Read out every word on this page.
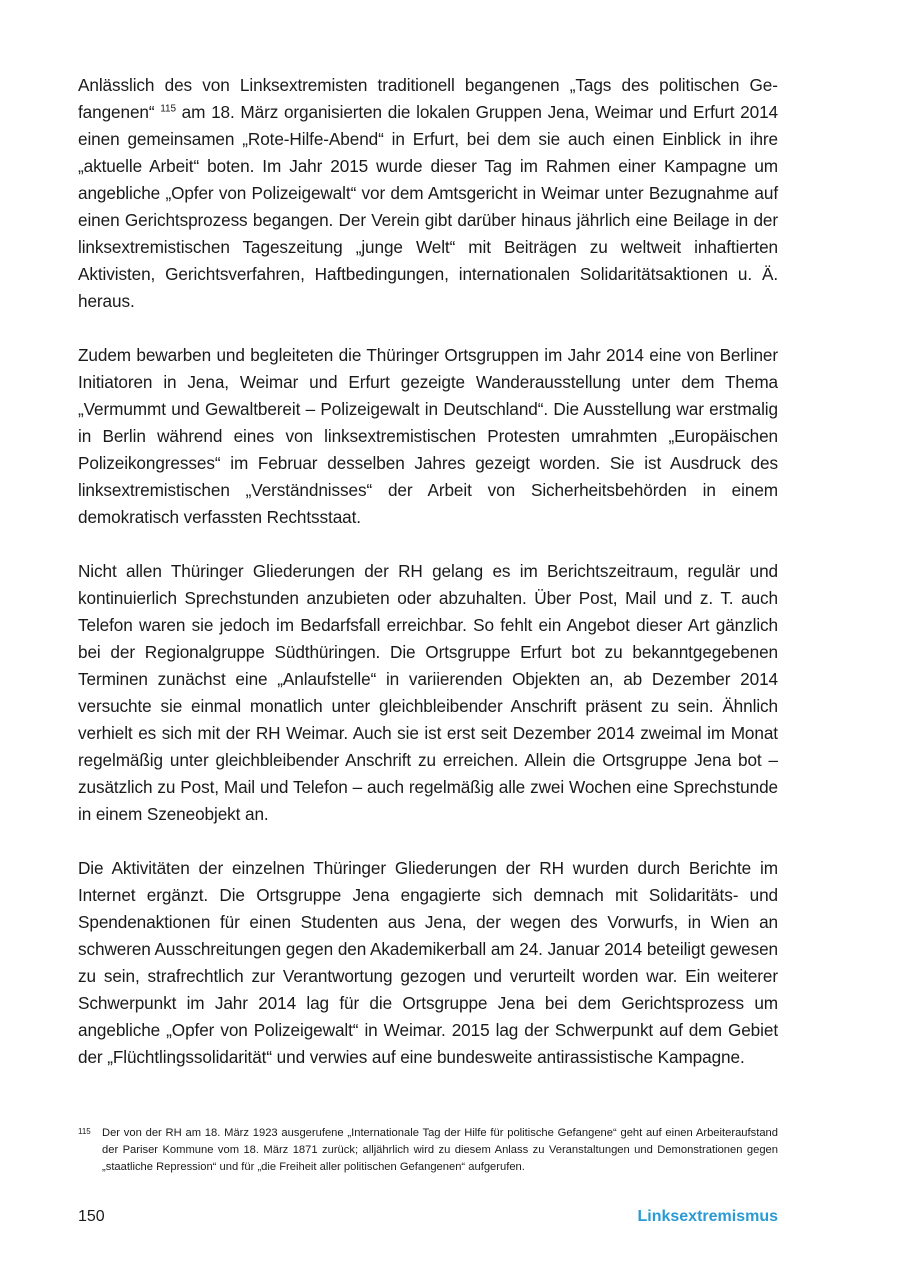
Anlässlich des von Linksextremisten traditionell begangenen „Tags des politischen Gefangenen“ $^{115}$ am 18. März organisierten die lokalen Gruppen Jena, Weimar und Erfurt 2014 einen gemeinsamen „Rote-Hilfe-Abend“ in Erfurt, bei dem sie auch einen Einblick in ihre „aktuelle Arbeit“ boten. Im Jahr 2015 wurde dieser Tag im Rahmen einer Kampagne um angebliche „Opfer von Polizeigewalt“ vor dem Amtsgericht in Weimar unter Bezugnahme auf einen Gerichtsprozess begangen. Der Verein gibt darüber hinaus jährlich eine Beilage in der linksextremistischen Tageszeitung „junge Welt“ mit Beiträgen zu weltweit inhaftierten Aktivisten, Gerichtsverfahren, Haftbedingungen, internationalen Solidaritätsaktionen u. Ä. heraus.

Zudem bewarben und begleiteten die Thüringer Ortsgruppen im Jahr 2014 eine von Berliner Initiatoren in Jena, Weimar und Erfurt gezeigte Wanderausstellung unter dem Thema „Vermummt und Gewaltbereit – Polizeigewalt in Deutschland“. Die Ausstellung war erstmalig in Berlin während eines von linksextremistischen Protesten umrahmten „Europäischen Polizeikongresses“ im Februar desselben Jahres gezeigt worden. Sie ist Ausdruck des linksextremistischen „Verständnisses“ der Arbeit von Sicherheitsbehörden in einem demokratisch verfassten Rechtsstaat.

Nicht allen Thüringer Gliederungen der RH gelang es im Berichtszeitraum, regulär und kontinuierlich Sprechstunden anzubieten oder abzuhalten. Über Post, Mail und z. T. auch Telefon waren sie jedoch im Bedarfsfall erreichbar. So fehlt ein Angebot dieser Art gänzlich bei der Regionalgruppe Südthüringen. Die Ortsgruppe Erfurt bot zu bekanntgegebenen Terminen zunächst eine „Anlaufstelle“ in variierenden Objekten an, ab Dezember 2014 versuchte sie einmal monatlich unter gleichbleibender Anschrift präsent zu sein. Ähnlich verhielt es sich mit der RH Weimar. Auch sie ist erst seit Dezember 2014 zweimal im Monat regelmäßig unter gleichbleibender Anschrift zu erreichen. Allein die Ortsgruppe Jena bot – zusätzlich zu Post, Mail und Telefon – auch regelmäßig alle zwei Wochen eine Sprechstunde in einem Szeneobjekt an.

Die Aktivitäten der einzelnen Thüringer Gliederungen der RH wurden durch Berichte im Internet ergänzt. Die Ortsgruppe Jena engagierte sich demnach mit Solidaritäts- und Spendenaktionen für einen Studenten aus Jena, der wegen des Vorwurfs, in Wien an schweren Ausschreitungen gegen den Akademikerball am 24. Januar 2014 beteiligt gewesen zu sein, strafrechtlich zur Verantwortung gezogen und verurteilt worden war. Ein weiterer Schwerpunkt im Jahr 2014 lag für die Ortsgruppe Jena bei dem Gerichtsprozess um angebliche „Opfer von Polizeigewalt“ in Weimar. 2015 lag der Schwerpunkt auf dem Gebiet der „Flüchtlingssolidarität“ und verwies auf eine bundesweite antirassistische Kampagne.

115	Der von der RH am 18. März 1923 ausgerufene „Internationale Tag der Hilfe für politische Gefangene“ geht auf einen Arbeiteraufstand der Pariser Kommune vom 18. März 1871 zurück; alljährlich wird zu diesem Anlass zu Veranstaltungen und Demonstrationen gegen „staatliche Repression“ und für „die Freiheit aller politischen Gefangenen“ aufgerufen.
150	Linksextremismus
